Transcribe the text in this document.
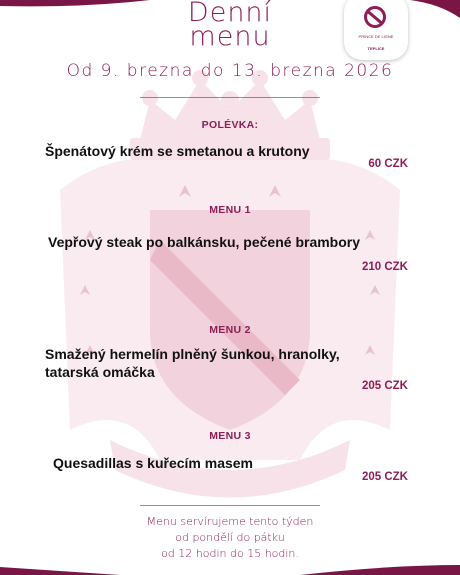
PRINCE DE LIGNE
TEPLICE
Denní
menu
Od 9. brezna do 13. brezna 2026
POLÉVKA:
Špenátový krém se smetanou a krutony
60 CZK
MENU 1
Vepřový steak po balkánsku, pečené brambory
210 CZK
MENU 2
Smažený hermelín plněný šunkou, hranolky,
tatarská omáčka
205 CZK
MENU 3
Quesadillas s kuřecím masem
205 CZK
Menu servírujeme tento týden
od pondělí do pátku
od 12 hodin do 15 hodin.
